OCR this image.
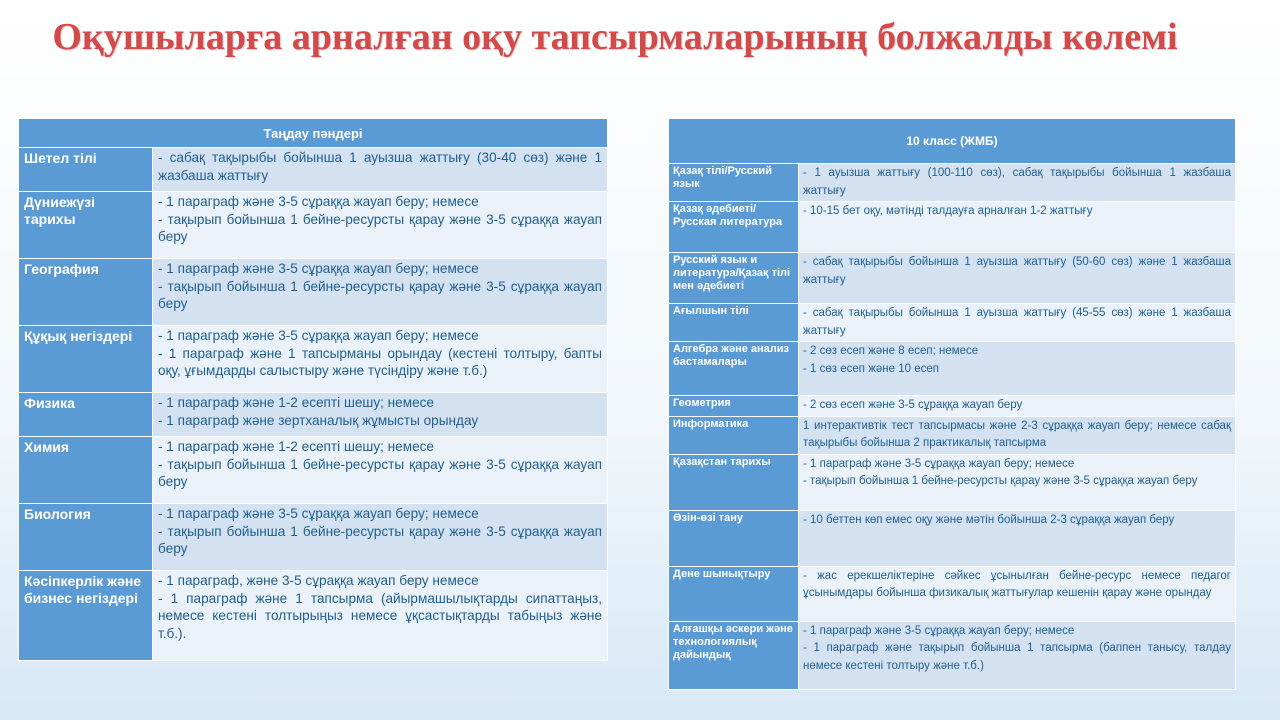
Оқушыларға арналған оқу тапсырмаларының болжалды көлемі
Таңдау пәндері	
Шетел тілі	- сабақ тақырыбы бойынша 1 ауызша жаттығу (30-40 сөз) және 1 жазбаша жаттығу

Дүниежүзі тарихы	- 1 параграф және 3-5 сұраққа жауап беру; немесе
- тақырып бойынша 1 бейне-ресурсты қарау және 3-5 сұраққа жауап беру

География	- 1 параграф және 3-5 сұраққа жауап беру; немесе
- тақырып бойынша 1 бейне-ресурсты қарау және 3-5 сұраққа жауап беру

Құқық негіздері	- 1 параграф және 3-5 сұраққа жауап беру; немесе
- 1 параграф және 1 тапсырманы орындау (кестені толтыру, бапты оқу, ұғымдарды салыстыру және түсіндіру және т.б.)

Физика	- 1 параграф және 1-2 есепті шешу; немесе
- 1 параграф және зертханалық жұмысты орындау

Химия	- 1 параграф және 1-2 есепті шешу; немесе
- тақырып бойынша 1 бейне-ресурсты қарау және 3-5 сұраққа жауап беру

Биология	- 1 параграф және 3-5 сұраққа жауап беру; немесе
- тақырып бойынша 1 бейне-ресурсты қарау және 3-5 сұраққа жауап беру

Кәсіпкерлік және бизнес негіздері	- 1 параграф, және 3-5 сұраққа жауап беру немесе
- 1 параграф және 1 тапсырма (айырмашылықтарды сипаттаңыз, немесе кестені толтырыңыз немесе ұқсастықтарды табыңыз және т.б.).
10 класс (ЖМБ)	
Қазақ тілі/Русский язык	- 1 ауызша жаттығу (100-110 сөз), сабақ тақырыбы бойынша 1 жазбаша жаттығу

Қазақ әдебиеті/Русская литература	- 10-15 бет оқу, мәтінді талдауға арналған 1-2 жаттығу

Русский язык и литература/Қазақ тілі мен әдебиеті	- сабақ тақырыбы бойынша 1 ауызша жаттығу (50-60 сөз) және 1 жазбаша жаттығу

Ағылшын тілі	- сабақ тақырыбы бойынша 1 ауызша жаттығу (45-55 сөз) және 1 жазбаша жаттығу

Алгебра және анализ бастамалары	- 2 сөз есеп және 8 есеп; немесе
- 1 сөз есеп және 10 есеп

Геометрия	- 2 сөз есеп және 3-5 сұраққа жауап беру

Информатика	1 интерактивтік тест тапсырмасы және 2-3 сұраққа жауап беру; немесе сабақ тақырыбы бойынша 2 практикалық тапсырма

Қазақстан тарихы	- 1 параграф және 3-5 сұраққа жауап беру; немесе
- тақырып бойынша 1 бейне-ресурсты қарау және 3-5 сұраққа жауап беру

Өзін-өзі тану	- 10 беттен көп емес оқу және мәтін бойынша 2-3 сұраққа жауап беру

Дене шынықтыру	- жас ерекшеліктеріне сәйкес ұсынылған бейне-ресурс немесе педагог ұсынымдары бойынша физикалық жаттығулар кешенін қарау және орындау

Алғашқы әскери және технологиялық дайындық	- 1 параграф және 3-5 сұраққа жауап беру; немесе
- 1 параграф және тақырып бойынша 1 тапсырма (баппен танысу, талдау немесе кестені толтыру және т.б.)
